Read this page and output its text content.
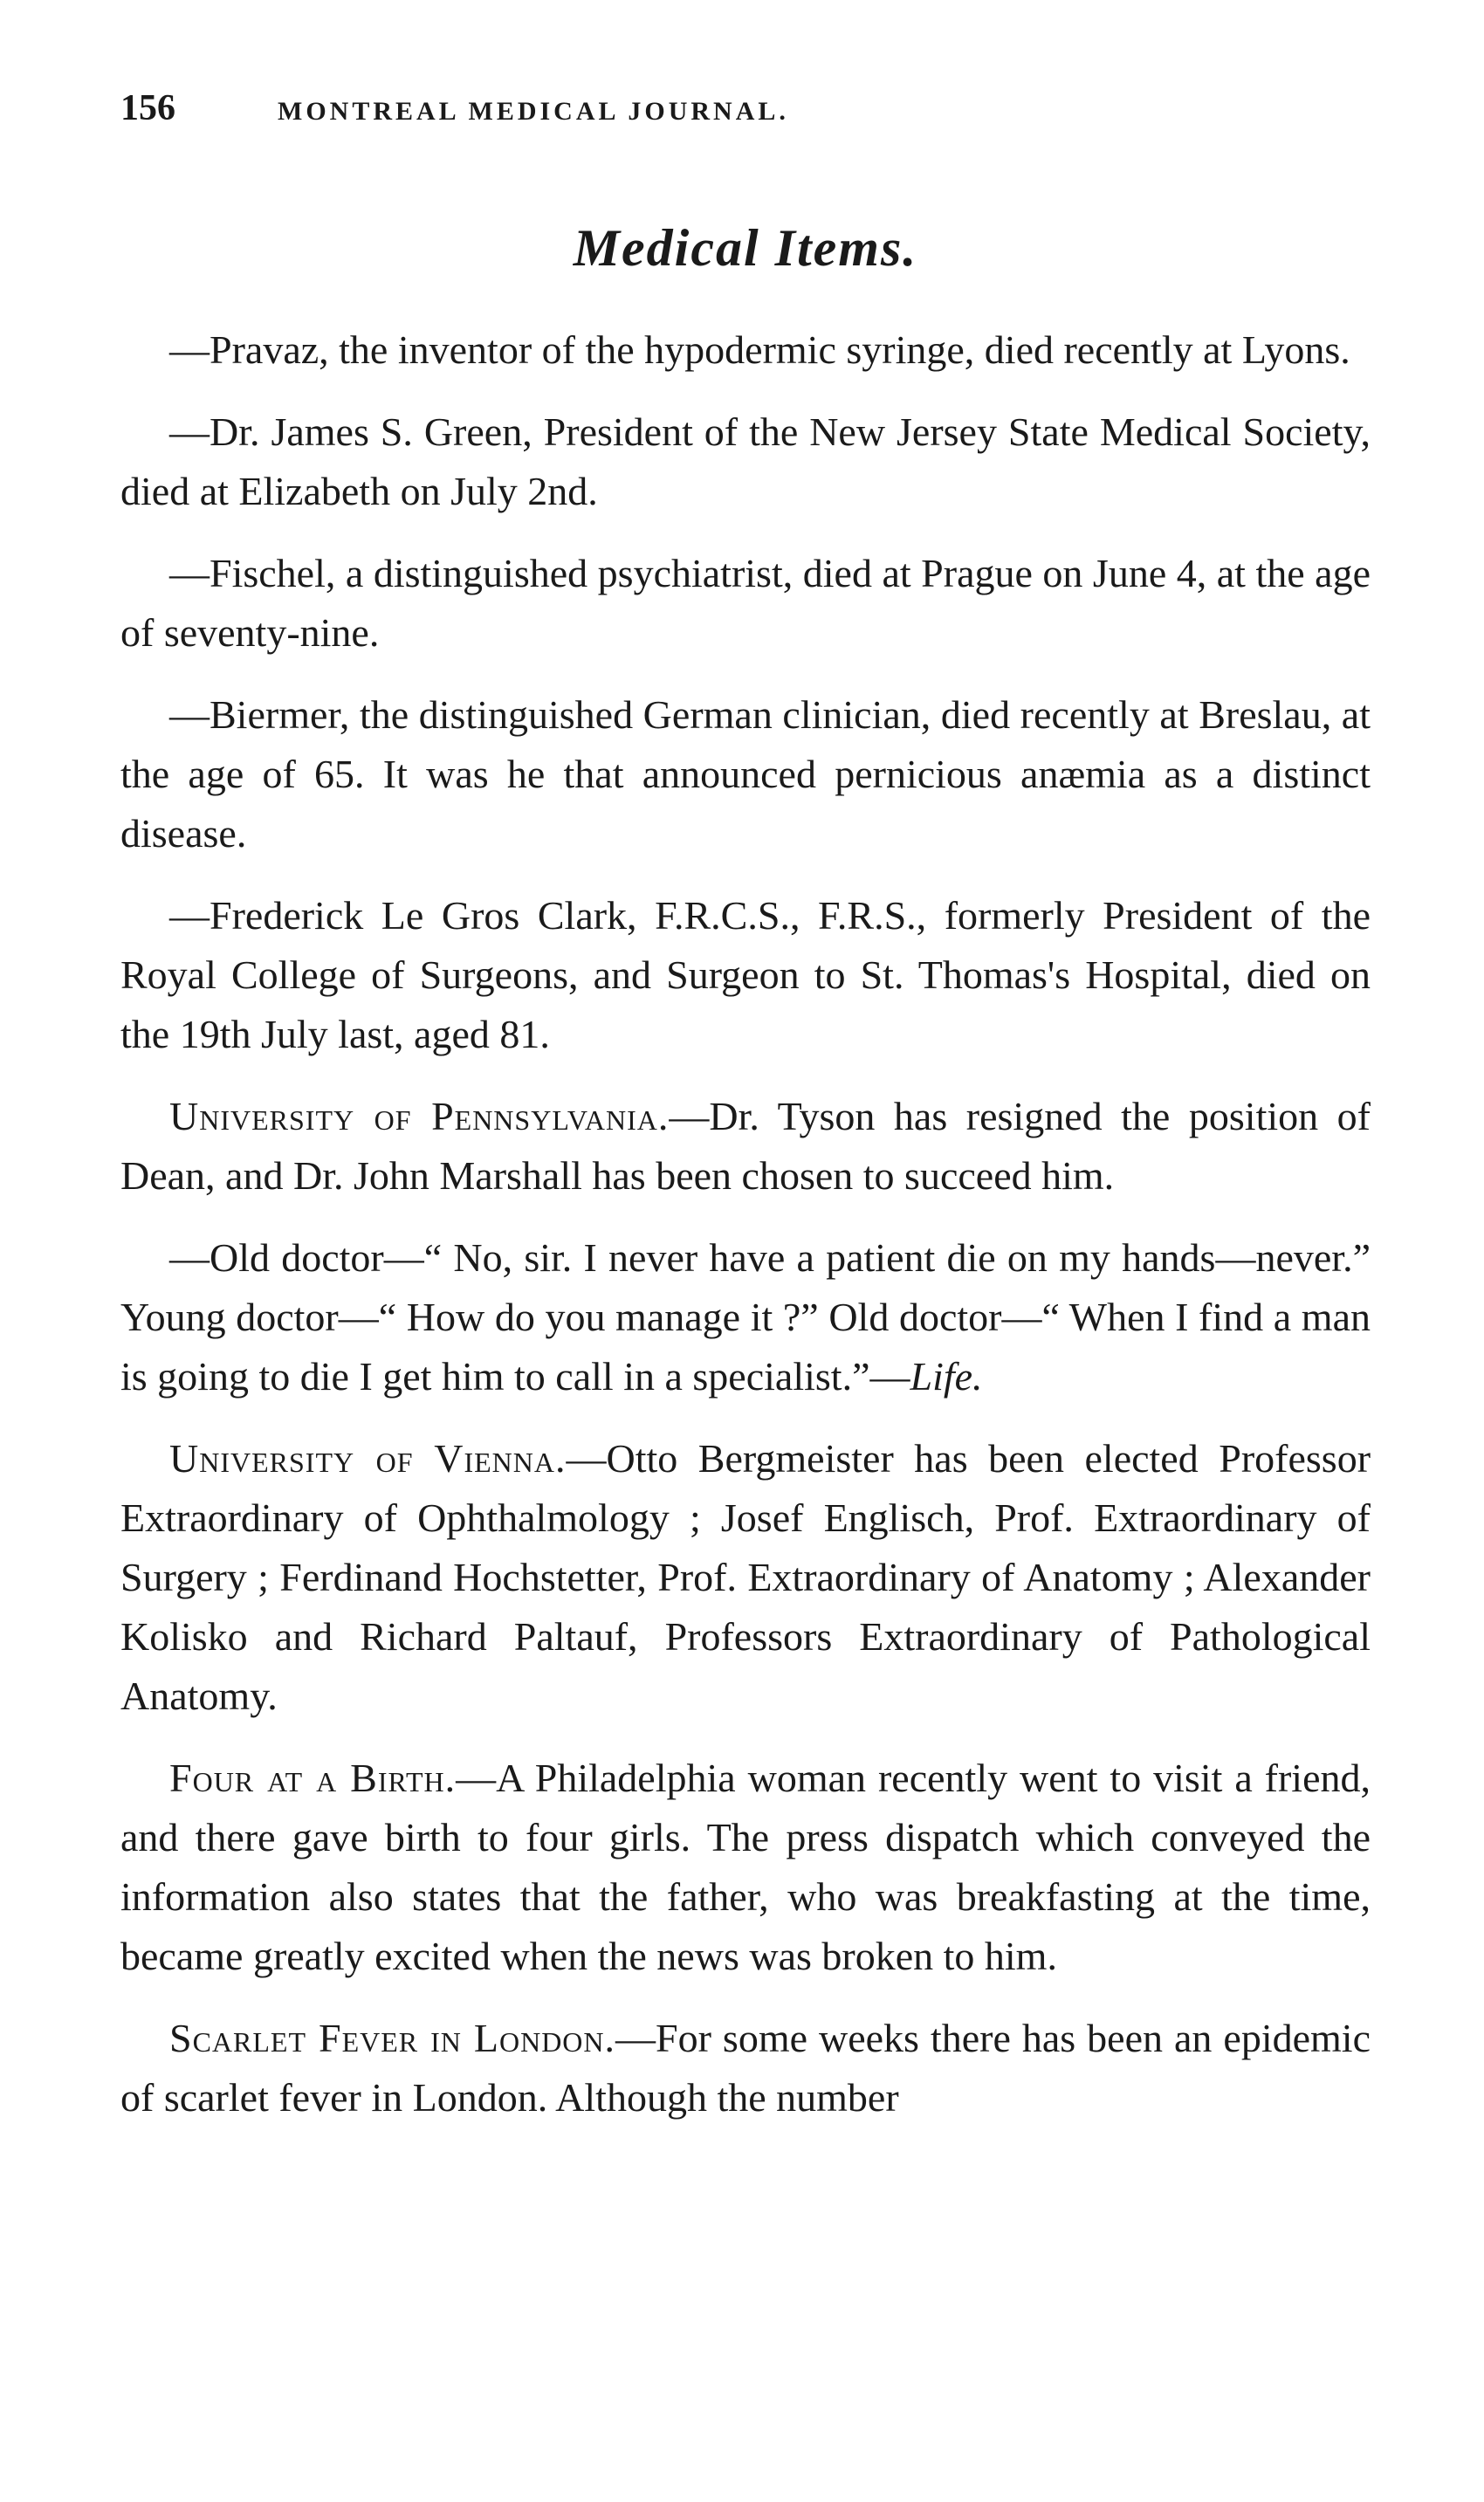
156	MONTREAL MEDICAL JOURNAL.
Medical Items.

—Pravaz, the inventor of the hypodermic syringe, died recently at Lyons.

—Dr. James S. Green, President of the New Jersey State Medical Society, died at Elizabeth on July 2nd.

—Fischel, a distinguished psychiatrist, died at Prague on June 4, at the age of seventy-nine.

—Biermer, the distinguished German clinician, died recently at Breslau, at the age of 65. It was he that announced pernicious anæmia as a distinct disease.

—Frederick Le Gros Clark, F.R.C.S., F.R.S., formerly President of the Royal College of Surgeons, and Surgeon to St. Thomas's Hospital, died on the 19th July last, aged 81.

University of Pennsylvania.—Dr. Tyson has resigned the position of Dean, and Dr. John Marshall has been chosen to succeed him.

—Old doctor—“ No, sir. I never have a patient die on my hands—never.” Young doctor—“ How do you manage it ?” Old doctor—“ When I find a man is going to die I get him to call in a specialist.”—Life.

University of Vienna.—Otto Bergmeister has been elected Professor Extraordinary of Ophthalmology ; Josef Englisch, Prof. Extraordinary of Surgery ; Ferdinand Hochstetter, Prof. Extraordinary of Anatomy ; Alexander Kolisko and Richard Paltauf, Professors Extraordinary of Pathological Anatomy.

Four at a Birth.—A Philadelphia woman recently went to visit a friend, and there gave birth to four girls. The press dispatch which conveyed the information also states that the father, who was breakfasting at the time, became greatly excited when the news was broken to him.

Scarlet Fever in London.—For some weeks there has been an epidemic of scarlet fever in London. Although the number
